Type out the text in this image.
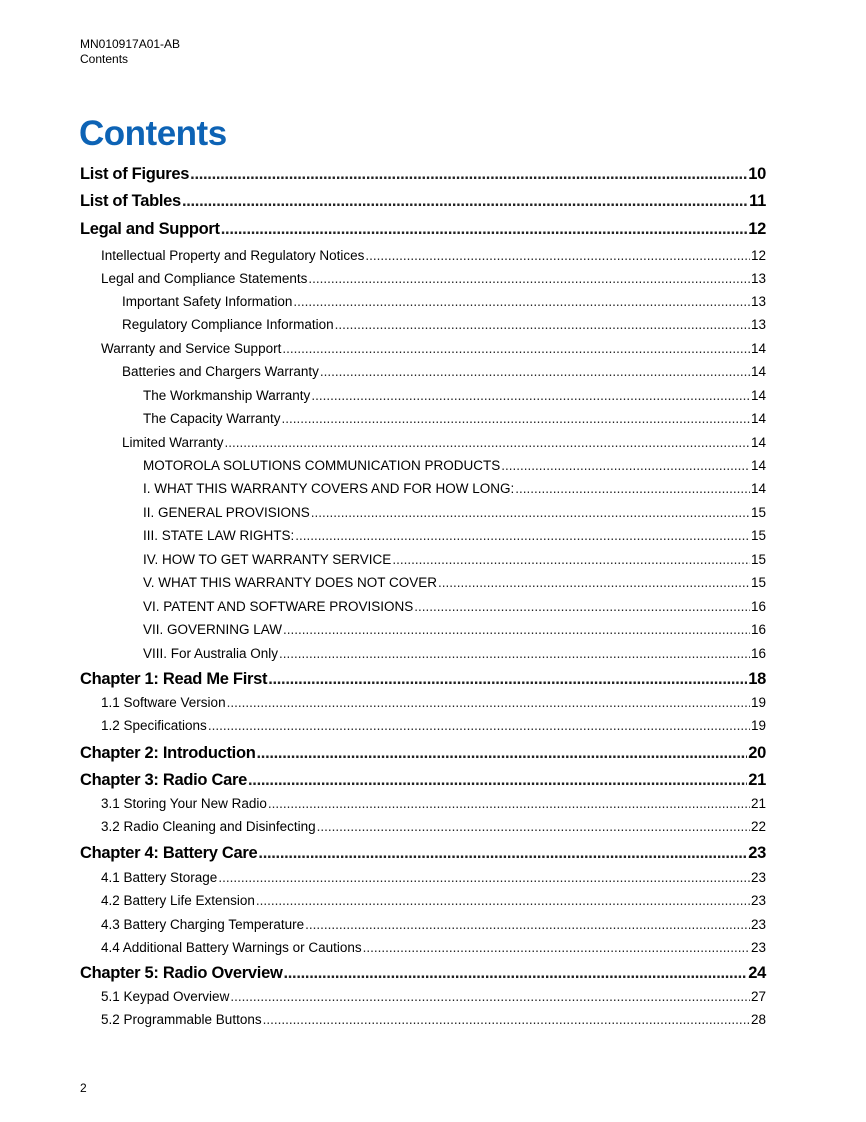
MN010917A01-AB
Contents
Contents
List of Figures .....	10
List of Tables .....	11
Legal and Support .....	12
Intellectual Property and Regulatory Notices .....	12
Legal and Compliance Statements .....	13
Important Safety Information .....	13
Regulatory Compliance Information .....	13
Warranty and Service Support .....	14
Batteries and Chargers Warranty .....	14
The Workmanship Warranty .....	14
The Capacity Warranty .....	14
Limited Warranty .....	14
MOTOROLA SOLUTIONS COMMUNICATION PRODUCTS .....	14
I. WHAT THIS WARRANTY COVERS AND FOR HOW LONG: .....	14
II. GENERAL PROVISIONS .....	15
III. STATE LAW RIGHTS: .....	15
IV. HOW TO GET WARRANTY SERVICE .....	15
V. WHAT THIS WARRANTY DOES NOT COVER .....	15
VI. PATENT AND SOFTWARE PROVISIONS .....	16
VII. GOVERNING LAW .....	16
VIII. For Australia Only .....	16
Chapter 1: Read Me First .....	18
1.1 Software Version .....	19
1.2 Specifications .....	19
Chapter 2: Introduction .....	20
Chapter 3: Radio Care .....	21
3.1 Storing Your New Radio .....	21
3.2 Radio Cleaning and Disinfecting .....	22
Chapter 4: Battery Care .....	23
4.1 Battery Storage .....	23
4.2 Battery Life Extension .....	23
4.3 Battery Charging Temperature .....	23
4.4 Additional Battery Warnings or Cautions .....	23
Chapter 5: Radio Overview .....	24
5.1 Keypad Overview .....	27
5.2 Programmable Buttons .....	28
2
